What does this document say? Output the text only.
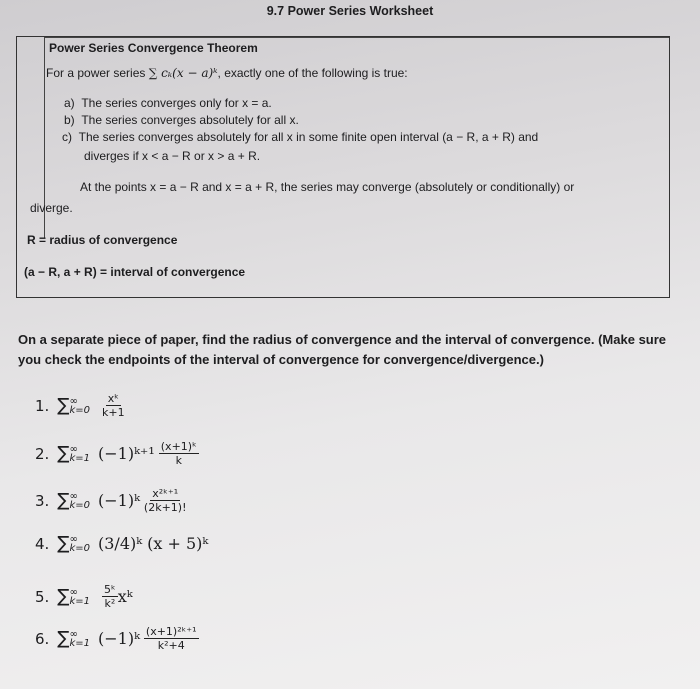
9.7 Power Series Worksheet
Power Series Convergence Theorem
For a power series ∑ cₖ(x − a)ᵏ, exactly one of the following is true:
a) The series converges only for x = a.
b) The series converges absolutely for all x.
c) The series converges absolutely for all x in some finite open interval (a − R, a + R) and
diverges if x < a − R or x > a + R.
At the points x = a − R and x = a + R, the series may converge (absolutely or conditionally) or
diverge.
R = radius of convergence
(a − R, a + R) = interval of convergence
On a separate piece of paper, find the radius of convergence and the interval of convergence. (Make sure you check the endpoints of the interval of convergence for convergence/divergence.)
1. ∑ ∞
$k=0 \frac{\text{xᵏ}}{k+1}$
2. ∑ ∞
k=1 (−1)ᵏ⁺¹ $\frac{\text{(x+1)ᵏ}}{k}$
3. ∑ ∞
k=0 (−1)ᵏ $\frac{\text{x²ᵏ⁺¹}}{(2k+1)!}$
4. ∑ ∞
k=0 (3/4)ᵏ (x + 5)ᵏ
5. ∑ ∞
$k=1 \frac{\text{5ᵏ}}{\text{k²}}$ xᵏ
6. ∑ ∞
k=1 (−1)ᵏ $\frac{\text{(x+1)²ᵏ⁺¹}}{\text{k²+4}}$
